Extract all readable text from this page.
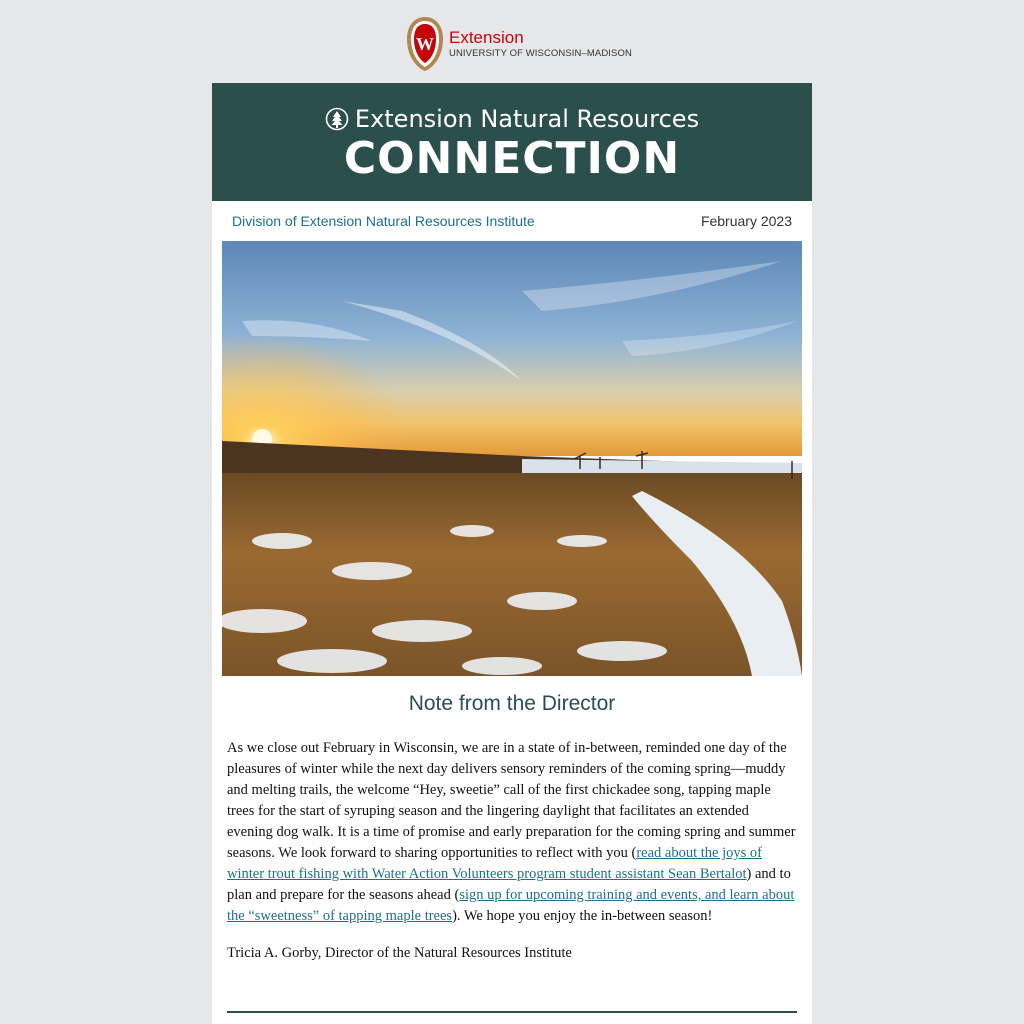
W Extension
UNIVERSITY OF WISCONSIN–MADISON
Extension Natural Resources
CONNECTION
Division of Extension Natural Resources Institute	February 2023
Note from the Director

As we close out February in Wisconsin, we are in a state of in-between, reminded one day of the pleasures of winter while the next day delivers sensory reminders of the coming spring—muddy and melting trails, the welcome “Hey, sweetie” call of the first chickadee song, tapping maple trees for the start of syruping season and the lingering daylight that facilitates an extended evening dog walk. It is a time of promise and early preparation for the coming spring and summer seasons. We look forward to sharing opportunities to reflect with you (read about the joys of winter trout fishing with Water Action Volunteers program student assistant Sean Bertalot) and to plan and prepare for the seasons ahead (sign up for upcoming training and events, and learn about the “sweetness” of tapping maple trees). We hope you enjoy the in-between season!

Tricia A. Gorby, Director of the Natural Resources Institute
